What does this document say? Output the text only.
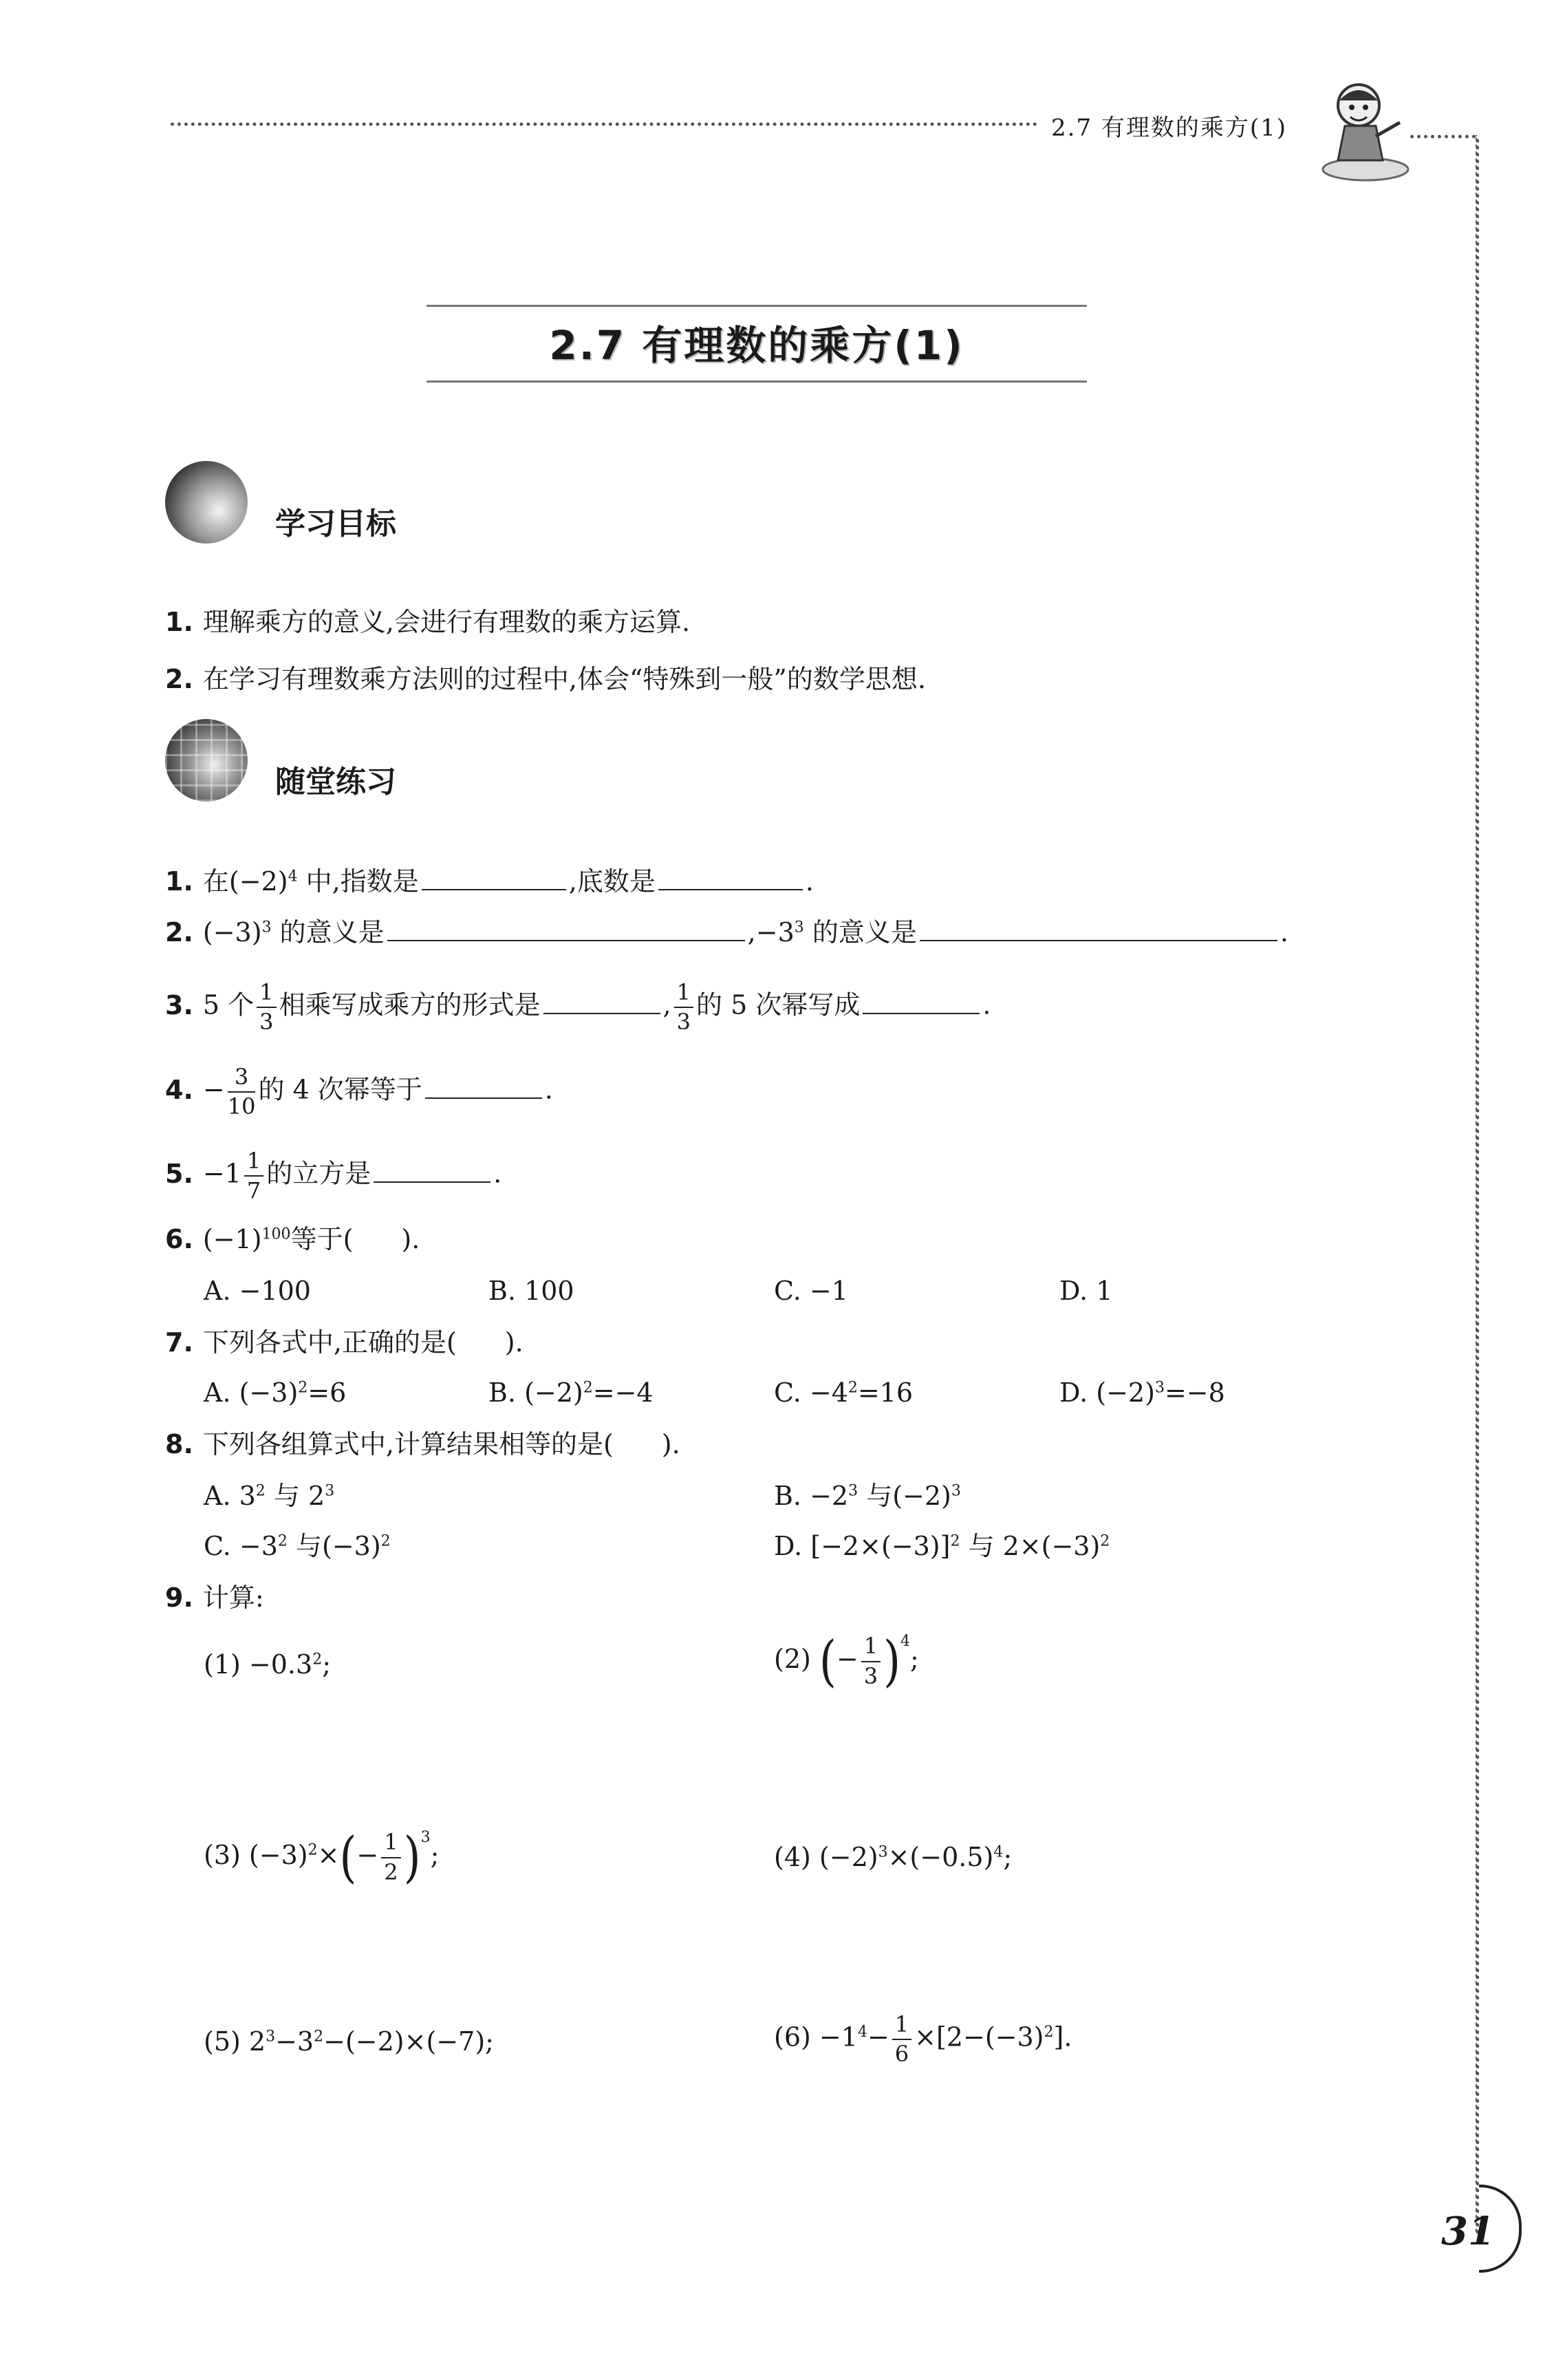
2.7 有理数的乘方(1)
2.7 有理数的乘方(1)
学习目标
1. 理解乘方的意义,会进行有理数的乘方运算.
2. 在学习有理数乘方法则的过程中,体会“特殊到一般”的数学思想.
随堂练习
1. 在$(-2)^4$ 中,指数是	,底数是	.
2. $(-3)^3$ 的意义是	$,-3^3$ 的意义是	.
3. 5 个 $\frac{1}{3}$ 相乘写成乘方的形式是	, $\frac{1}{3}$ 的 5 次幂写成	.
4. − $\frac{3}{10}$ 的 4 次幂等于	.
5. $-1 \frac{1}{7}$ 的立方是	.
6. $(-1)^{100}$等于( ).
A. −100	B. 100	C. −1	D. 1
7. 下列各式中,正确的是( ).
A. $(-3)^2=6$	B. $(-2)^2=-4$	C. $-4^2=16$	D. $(-2)^3=-8$
8. 下列各组算式中,计算结果相等的是( ).
A. $3^2$ 与 $2^3$	B. $-2^3$ 与$(-2)^3$
C. $-3^2$ 与$(-3)^2$	D. $[-2\times(-3)]^2$ 与 $2\times(-3)^2$
9. 计算:
$(1) -0.3^2$;	(2) (− $\frac{1}{3} )^4$;
(3) $(-3)^2\times(- \frac{1}{2} )^3$;	(4) $(-2)^3\times(-0.5)^4$;
(5) $2^3-3^2-(-2)\times(-7)$;	$(6) -1^4- \frac{1}{6} \times[2-(-3)^2]$.
31
